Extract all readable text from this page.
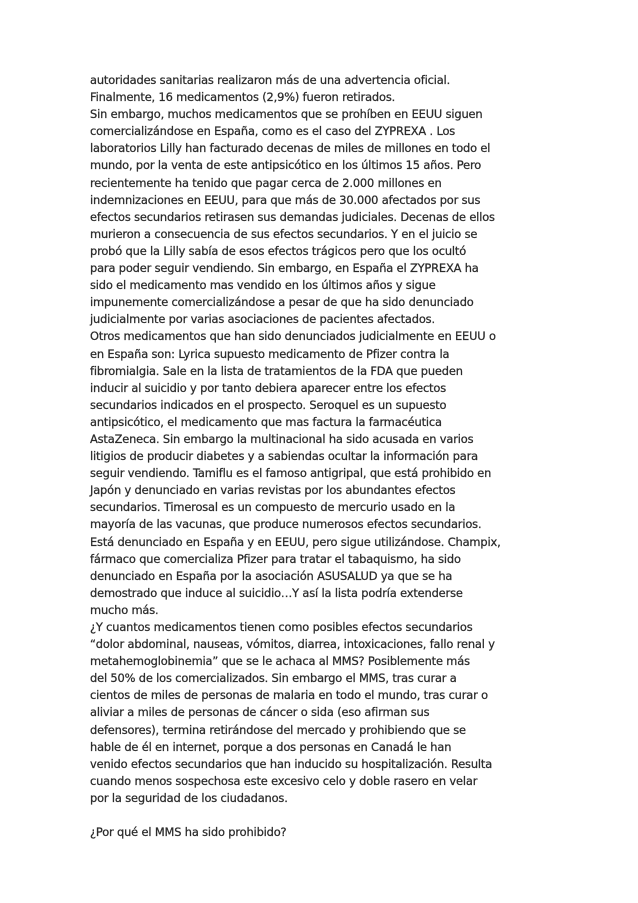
autoridades sanitarias realizaron más de una advertencia oficial.
Finalmente, 16 medicamentos (2,9%) fueron retirados.
Sin embargo, muchos medicamentos que se prohíben en EEUU siguen
comercializándose en España, como es el caso del ZYPREXA . Los
laboratorios Lilly han facturado decenas de miles de millones en todo el
mundo, por la venta de este antipsicótico en los últimos 15 años. Pero
recientemente ha tenido que pagar cerca de 2.000 millones en
indemnizaciones en EEUU, para que más de 30.000 afectados por sus
efectos secundarios retirasen sus demandas judiciales. Decenas de ellos
murieron a consecuencia de sus efectos secundarios. Y en el juicio se
probó que la Lilly sabía de esos efectos trágicos pero que los ocultó
para poder seguir vendiendo. Sin embargo, en España el ZYPREXA ha
sido el medicamento mas vendido en los últimos años y sigue
impunemente comercializándose a pesar de que ha sido denunciado
judicialmente por varias asociaciones de pacientes afectados.
Otros medicamentos que han sido denunciados judicialmente en EEUU o
en España son: Lyrica supuesto medicamento de Pfizer contra la
fibromialgia. Sale en la lista de tratamientos de la FDA que pueden
inducir al suicidio y por tanto debiera aparecer entre los efectos
secundarios indicados en el prospecto. Seroquel es un supuesto
antipsicótico, el medicamento que mas factura la farmacéutica
AstaZeneca. Sin embargo la multinacional ha sido acusada en varios
litigios de producir diabetes y a sabiendas ocultar la información para
seguir vendiendo. Tamiflu es el famoso antigripal, que está prohibido en
Japón y denunciado en varias revistas por los abundantes efectos
secundarios. Timerosal es un compuesto de mercurio usado en la
mayoría de las vacunas, que produce numerosos efectos secundarios.
Está denunciado en España y en EEUU, pero sigue utilizándose. Champix,
fármaco que comercializa Pfizer para tratar el tabaquismo, ha sido
denunciado en España por la asociación ASUSALUD ya que se ha
demostrado que induce al suicidio…Y así la lista podría extenderse
mucho más.
¿Y cuantos medicamentos tienen como posibles efectos secundarios
“dolor abdominal, nauseas, vómitos, diarrea, intoxicaciones, fallo renal y
metahemoglobinemia” que se le achaca al MMS? Posiblemente más
del 50% de los comercializados. Sin embargo el MMS, tras curar a
cientos de miles de personas de malaria en todo el mundo, tras curar o
aliviar a miles de personas de cáncer o sida (eso afirman sus
defensores), termina retirándose del mercado y prohibiendo que se
hable de él en internet, porque a dos personas en Canadá le han
venido efectos secundarios que han inducido su hospitalización. Resulta
cuando menos sospechosa este excesivo celo y doble rasero en velar
por la seguridad de los ciudadanos.
¿Por qué el MMS ha sido prohibido?
